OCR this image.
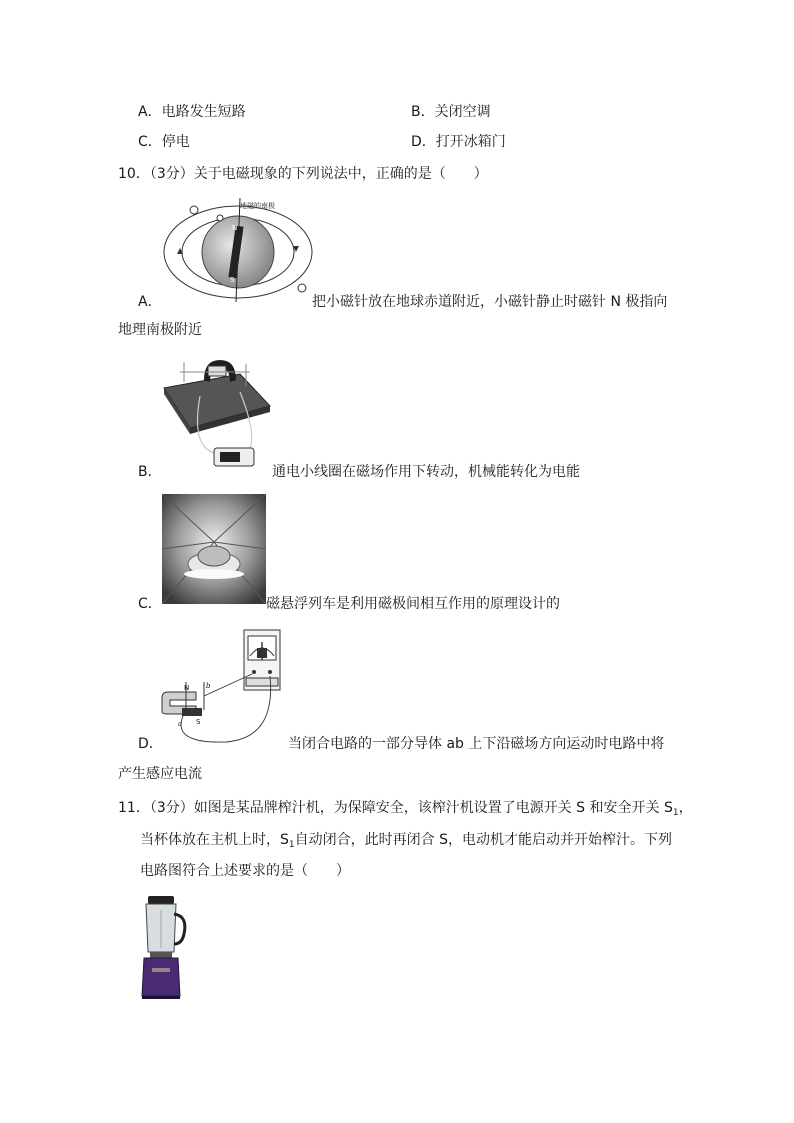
A．电路发生短路	B．关闭空调
C．停电	D．打开冰箱门
10．（3分）关于电磁现象的下列说法中，正确的是（　　）
地磁的南极
N
S
A．	把小磁针放在地球赤道附近，小磁针静止时磁针 N 极指向
地理南极附近
B．	通电小线圈在磁场作用下转动，机械能转化为电能
C．	磁悬浮列车是利用磁极间相互作用的原理设计的
N
S
a
b
D．	当闭合电路的一部分导体 ab 上下沿磁场方向运动时电路中将
产生感应电流
11．（3分）如图是某品牌榨汁机，为保障安全，该榨汁机设置了电源开关 S 和安全开关 $S_1$，
当杯体放在主机上时，$S_1$自动闭合，此时再闭合 S，电动机才能启动并开始榨汁。下列
电路图符合上述要求的是（　　）
